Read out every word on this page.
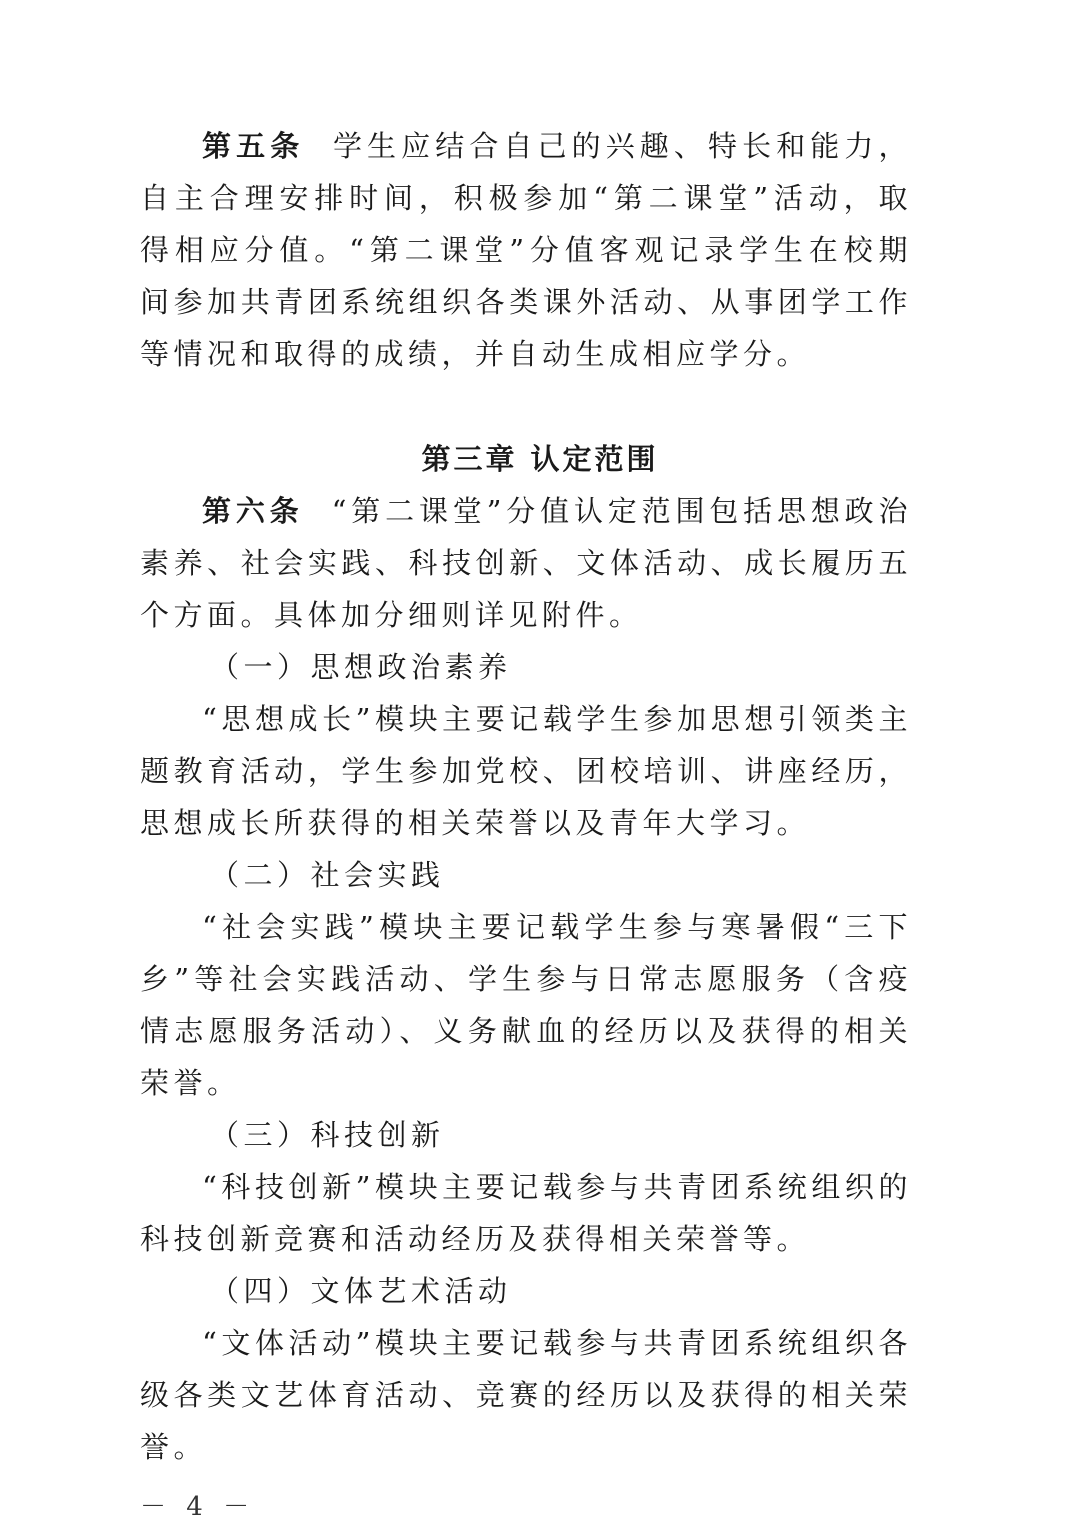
第五条 学生应结合自己的兴趣、特长和能力，自主合理安排时间，积极参加“第二课堂”活动，取得相应分值。“第二课堂”分值客观记录学生在校期间参加共青团系统组织各类课外活动、从事团学工作等情况和取得的成绩，并自动生成相应学分。

第三章 认定范围

第六条 “第二课堂”分值认定范围包括思想政治素养、社会实践、科技创新、文体活动、成长履历五个方面。具体加分细则详见附件。

（一）思想政治素养

“思想成长”模块主要记载学生参加思想引领类主题教育活动，学生参加党校、团校培训、讲座经历，思想成长所获得的相关荣誉以及青年大学习。

（二）社会实践

“社会实践”模块主要记载学生参与寒暑假“三下乡”等社会实践活动、学生参与日常志愿服务（含疫情志愿服务活动）、义务献血的经历以及获得的相关荣誉。

（三）科技创新

“科技创新”模块主要记载参与共青团系统组织的科技创新竞赛和活动经历及获得相关荣誉等。

（四）文体艺术活动

“文体活动”模块主要记载参与共青团系统组织各级各类文艺体育活动、竞赛的经历以及获得的相关荣誉。

－ 4 －
